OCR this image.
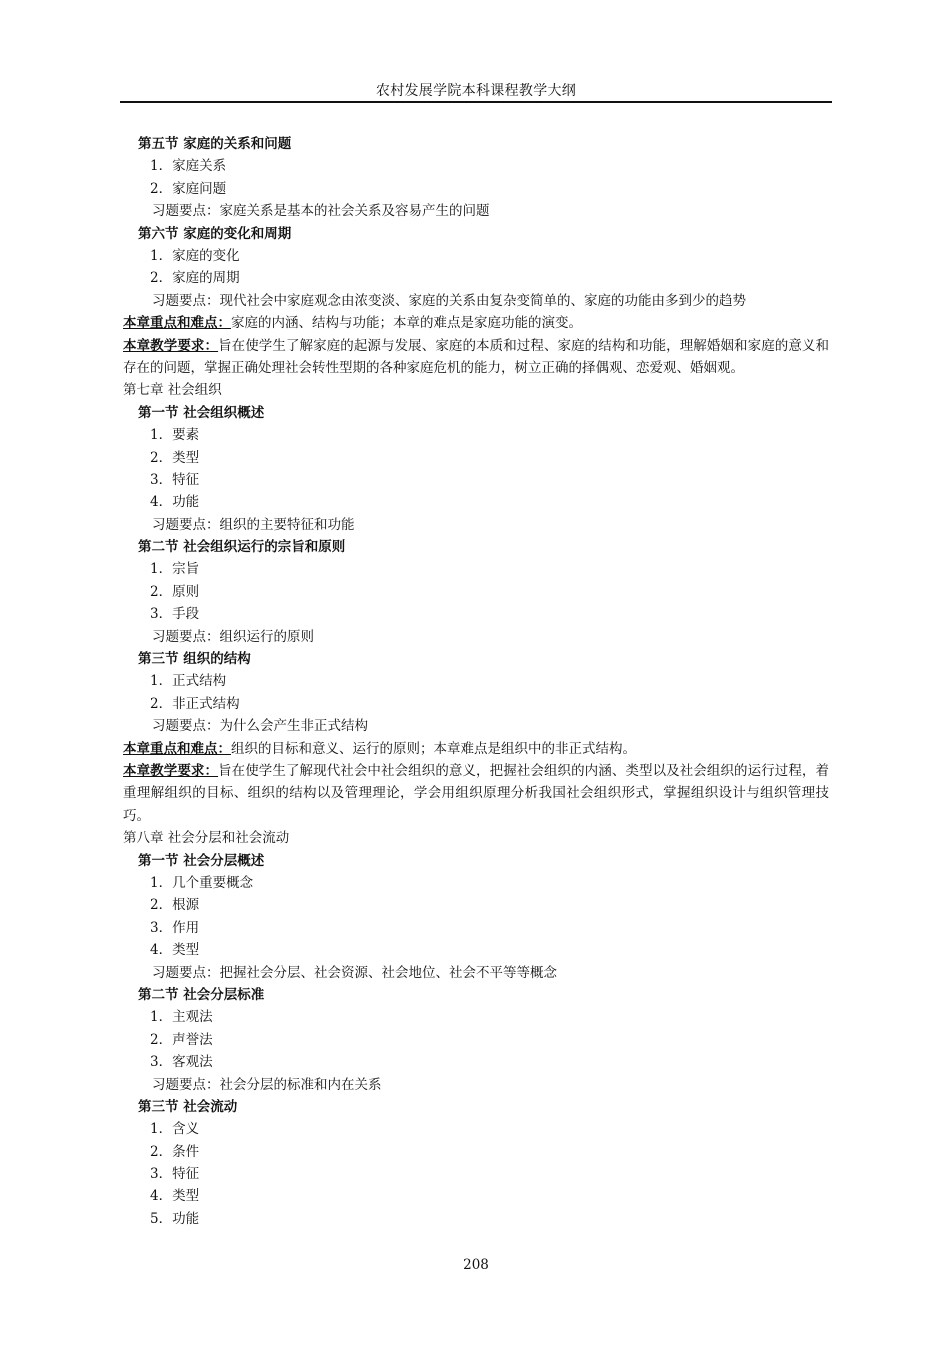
农村发展学院本科课程教学大纲
第五节 家庭的关系和问题
1．家庭关系
2．家庭问题
习题要点：家庭关系是基本的社会关系及容易产生的问题
第六节 家庭的变化和周期
1．家庭的变化
2．家庭的周期
习题要点：现代社会中家庭观念由浓变淡、家庭的关系由复杂变简单的、家庭的功能由多到少的趋势
本章重点和难点：家庭的内涵、结构与功能；本章的难点是家庭功能的演变。
本章教学要求：旨在使学生了解家庭的起源与发展、家庭的本质和过程、家庭的结构和功能，理解婚姻和家庭的意义和存在的问题，掌握正确处理社会转性型期的各种家庭危机的能力，树立正确的择偶观、恋爱观、婚姻观。
第七章 社会组织
第一节 社会组织概述
1．要素
2．类型
3．特征
4．功能
习题要点：组织的主要特征和功能
第二节 社会组织运行的宗旨和原则
1．宗旨
2．原则
3．手段
习题要点：组织运行的原则
第三节 组织的结构
1．正式结构
2．非正式结构
习题要点：为什么会产生非正式结构
本章重点和难点：组织的目标和意义、运行的原则；本章难点是组织中的非正式结构。
本章教学要求：旨在使学生了解现代社会中社会组织的意义，把握社会组织的内涵、类型以及社会组织的运行过程，着重理解组织的目标、组织的结构以及管理理论，学会用组织原理分析我国社会组织形式，掌握组织设计与组织管理技巧。
第八章 社会分层和社会流动
第一节 社会分层概述
1．几个重要概念
2．根源
3．作用
4．类型
习题要点：把握社会分层、社会资源、社会地位、社会不平等等概念
第二节 社会分层标准
1．主观法
2．声誉法
3．客观法
习题要点：社会分层的标准和内在关系
第三节 社会流动
1．含义
2．条件
3．特征
4．类型
5．功能
208
